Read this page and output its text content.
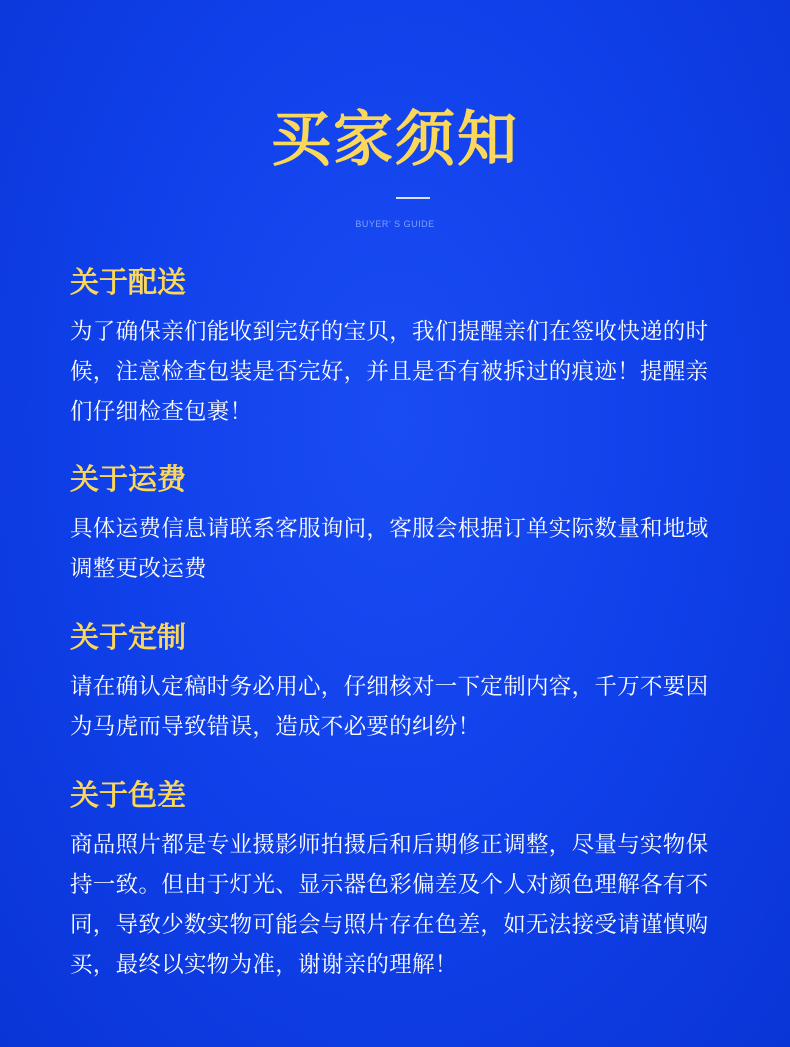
买家须知
BUYER’ S GUIDE
关于配送
为了确保亲们能收到完好的宝贝，我们提醒亲们在签收快递的时候，注意检查包装是否完好，并且是否有被拆过的痕迹！提醒亲们仔细检查包裹！
关于运费
具体运费信息请联系客服询问，客服会根据订单实际数量和地域调整更改运费
关于定制
请在确认定稿时务必用心，仔细核对一下定制内容，千万不要因为马虎而导致错误，造成不必要的纠纷！
关于色差
商品照片都是专业摄影师拍摄后和后期修正调整，尽量与实物保持一致。但由于灯光、显示器色彩偏差及个人对颜色理解各有不同，导致少数实物可能会与照片存在色差，如无法接受请谨慎购买，最终以实物为准，谢谢亲的理解！
